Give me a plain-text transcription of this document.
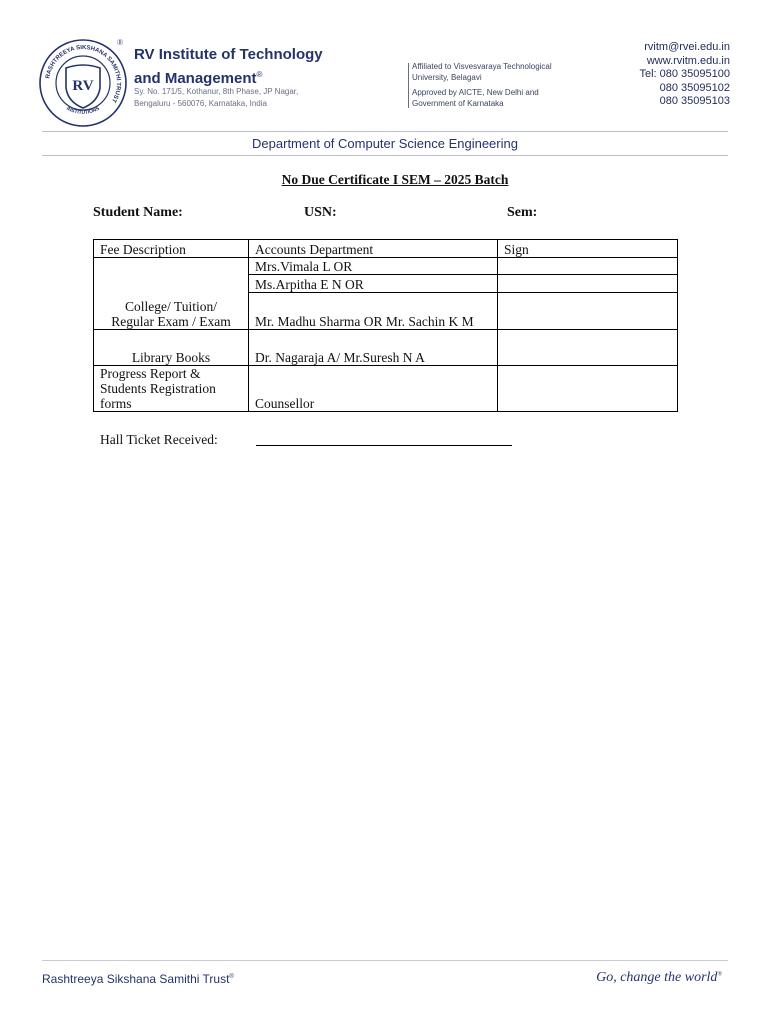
RASHTREEYA SIKSHANA SAMITHI TRUST
INSTITUTIONS
RV
®
RV Institute of Technology
and Management®
Sy. No. 171/5, Kothanur, 8th Phase, JP Nagar,
Bengaluru - 560076, Karnataka, India
Affiliated to Visvesvaraya Technological
University, Belagavi
Approved by AICTE, New Delhi and
Government of Karnataka
rvitm@rvei.edu.in
www.rvitm.edu.in
Tel: 080 35095100
080 35095102
080 35095103
Department of Computer Science Engineering
No Due Certificate I SEM – 2025 Batch
Student Name:	USN:	Sem:
Fee Description	Accounts Department	Sign

College/ Tuition/
Regular Exam / Exam	Mrs.Vimala L OR	
	Ms.Arpitha E N OR	
	Mr. Madhu Sharma OR Mr. Sachin K M	
Library Books	Dr. Nagaraja A/ Mr.Suresh N A	

Progress Report &
Students Registration
forms	Counsellor	
Hall Ticket Received:
Rashtreeya Sikshana Samithi Trust®	Go, change the world®
